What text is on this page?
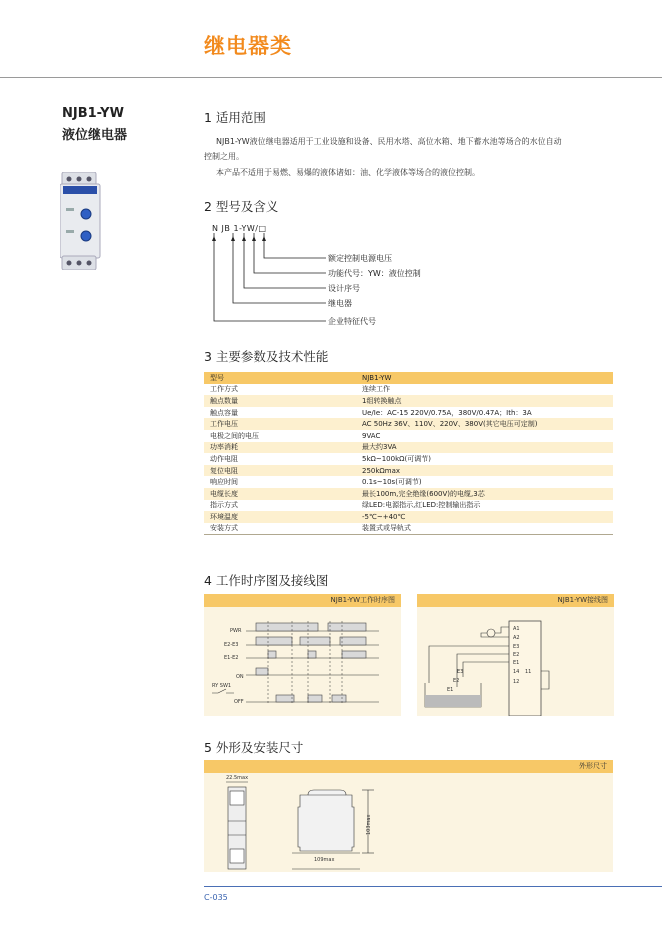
继电器类
NJB1-YW
液位继电器
1 适用范围
NJB1-YW液位继电器适用于工业设施和设备、民用水塔、高位水箱、地下蓄水池等场合的水位自动
控制之用。
本产品不适用于易燃、易爆的液体诸如：油、化学液体等场合的液位控制。
2 型号及含义
N JB 1-YW/□
额定控制电源电压
功能代号：YW：液位控制
设计序号
继电器
企业特征代号
3 主要参数及技术性能
型号	NJB1-YW
工作方式	连续工作
触点数量	1组转换触点
触点容量	Ue/Ie：AC-15 220V/0.75A，380V/0.47A；Ith：3A
工作电压	AC 50Hz 36V、110V、220V、380V(其它电压可定制)
电极之间的电压	9VAC
功率消耗	最大约3VA
动作电阻	5kΩ~100kΩ(可调节)
复位电阻	250kΩmax
响应时间	0.1s~10s(可调节)
电缆长度	最长100m,完全绝缘(600V)的电缆,3芯
指示方式	绿LED:电源指示,红LED:控制输出指示
环境温度	-5℃~+40℃
安装方式	装置式或导轨式
4 工作时序图及接线图
NJB1-YW工作时序图
PWR
E2-E3
E1-E2
ON
RY SW1
OFF
NJB1-YW接线图
A1
A2
E3
E2
E1
11
12
14
E3
E2
E1
5 外形及安装尺寸
外形尺寸
22.5max
109max
103max
C-035
